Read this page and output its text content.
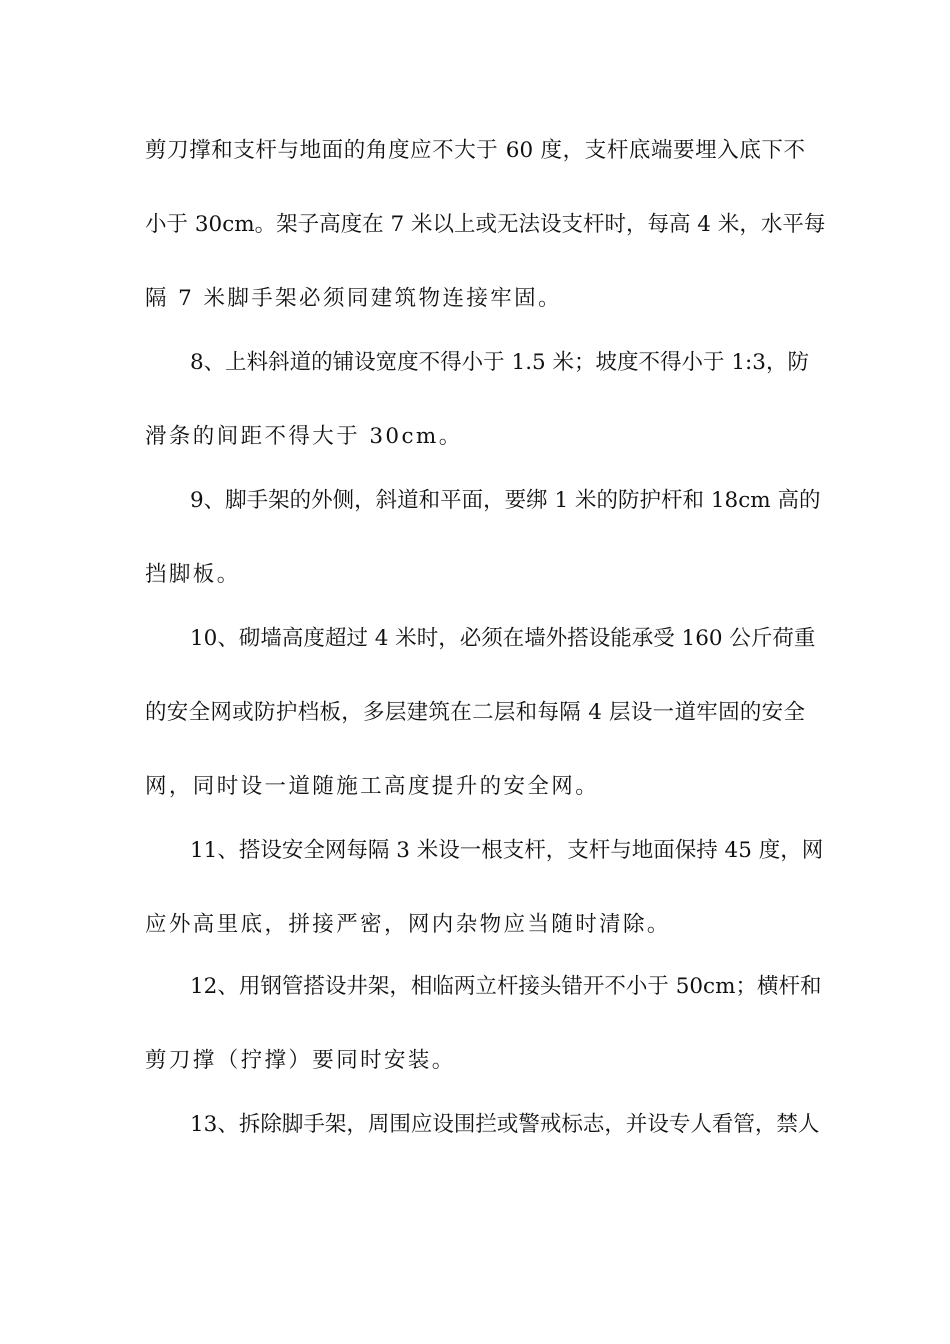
剪刀撑和支杆与地面的角度应不大于 60 度，支杆底端要埋入底下不
小于 30cm。架子高度在 7 米以上或无法设支杆时，每高 4 米，水平每
隔 7 米脚手架必须同建筑物连接牢固。
8、上料斜道的铺设宽度不得小于 1.5 米；坡度不得小于 1:3，防
滑条的间距不得大于 30cm。
9、脚手架的外侧，斜道和平面，要绑 1 米的防护杆和 18cm 高的
挡脚板。
10、砌墙高度超过 4 米时，必须在墙外搭设能承受 160 公斤荷重
的安全网或防护档板，多层建筑在二层和每隔 4 层设一道牢固的安全
网，同时设一道随施工高度提升的安全网。
11、搭设安全网每隔 3 米设一根支杆，支杆与地面保持 45 度，网
应外高里底，拼接严密，网内杂物应当随时清除。
12、用钢管搭设井架，相临两立杆接头错开不小于 50cm；横杆和
剪刀撑（拧撑）要同时安装。
13、拆除脚手架，周围应设围拦或警戒标志，并设专人看管，禁人
